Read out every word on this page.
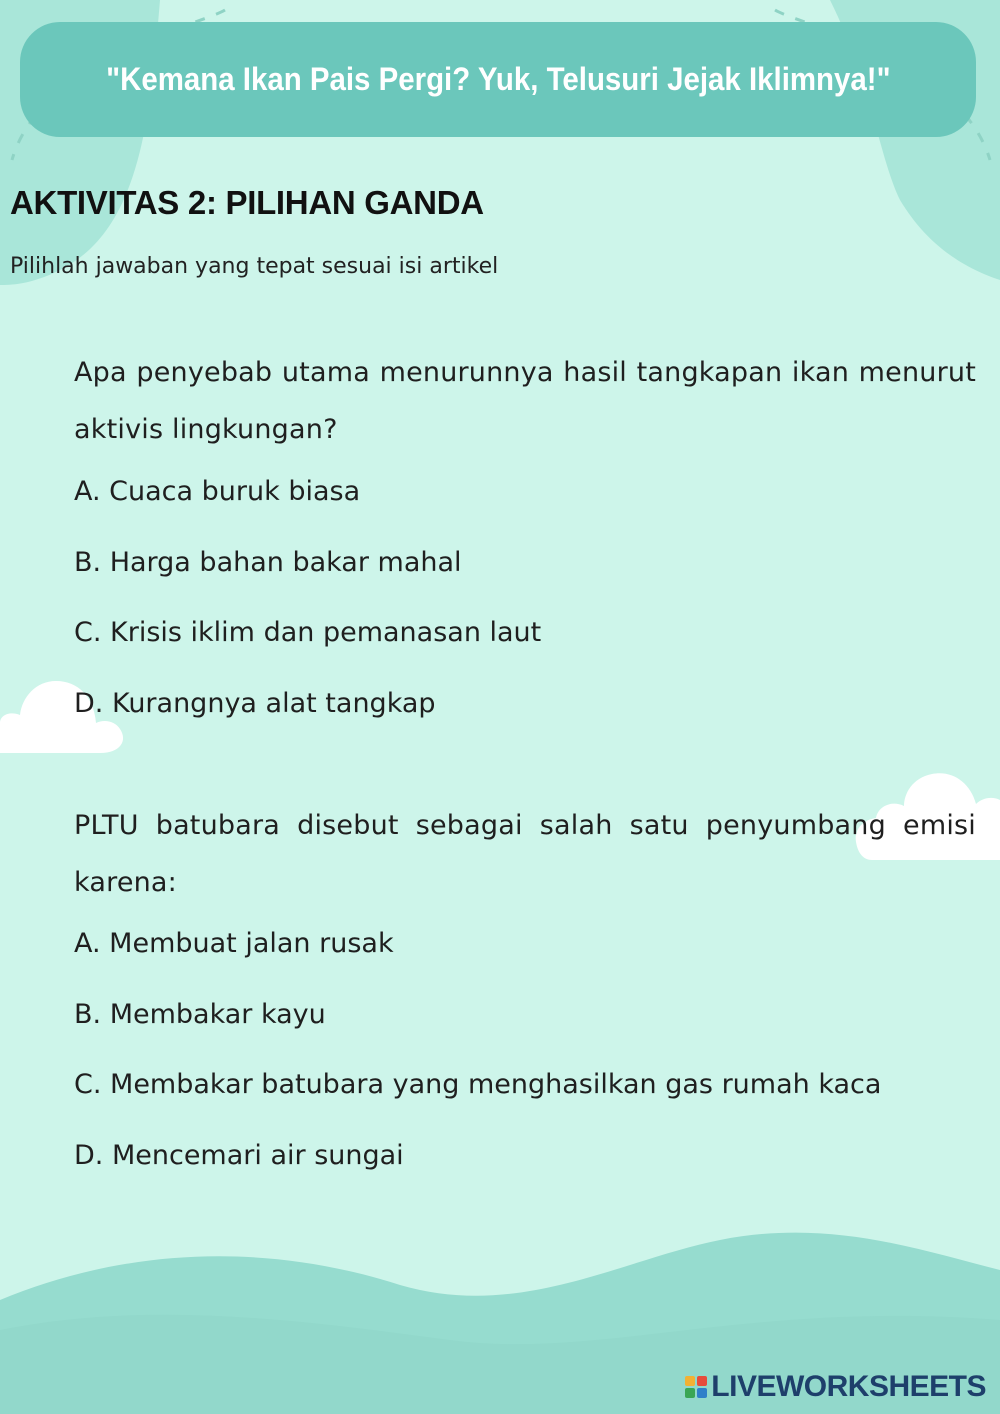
"Kemana Ikan Pais Pergi? Yuk, Telusuri Jejak Iklimnya!"
AKTIVITAS 2: PILIHAN GANDA
Pilihlah jawaban yang tepat sesuai isi artikel

Apa penyebab utama menurunnya hasil tangkapan ikan menurut aktivis lingkungan?

A. Cuaca buruk biasa

B. Harga bahan bakar mahal

C. Krisis iklim dan pemanasan laut

D. Kurangnya alat tangkap

PLTU batubara disebut sebagai salah satu penyumbang emisi karena:

A. Membuat jalan rusak

B. Membakar kayu

C. Membakar batubara yang menghasilkan gas rumah kaca

D. Mencemari air sungai

LIVEWORKSHEETS
